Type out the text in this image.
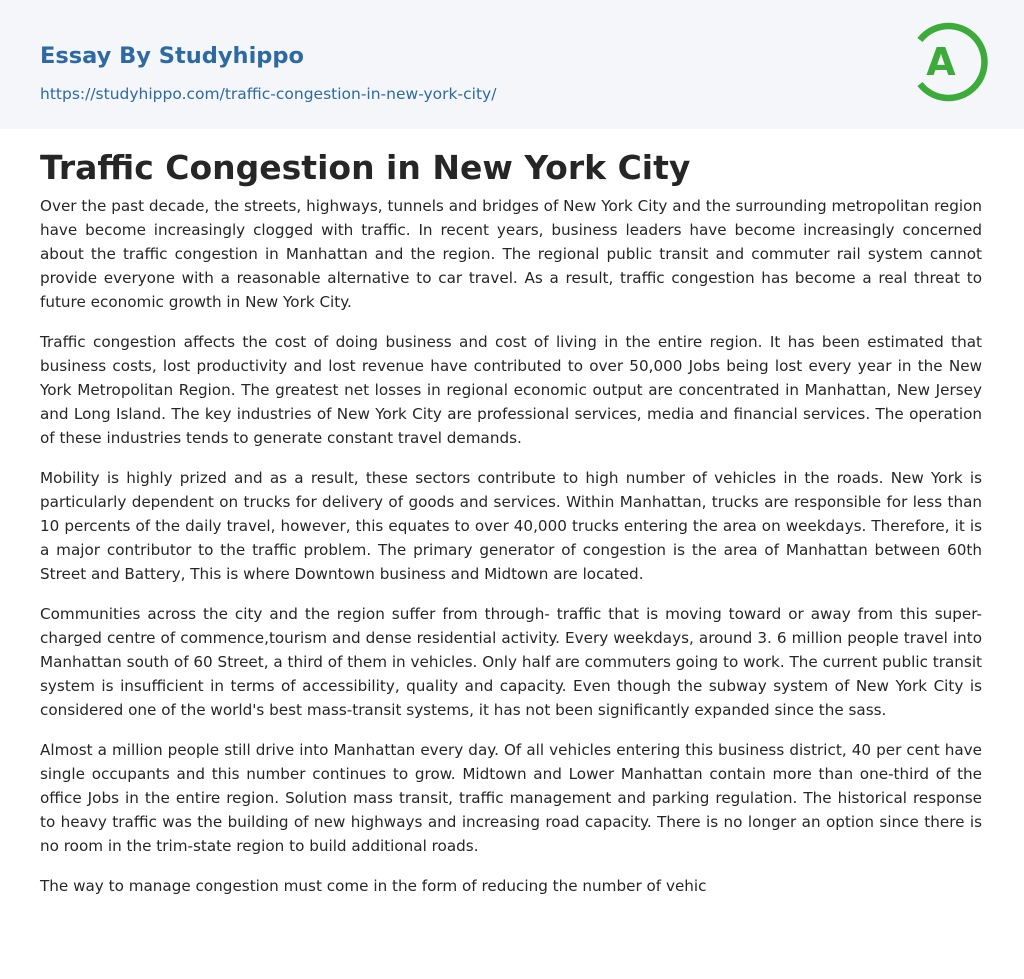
Essay By Studyhippo
https://studyhippo.com/traffic-congestion-in-new-york-city/
A
Traffic Congestion in New York City

Over the past decade, the streets, highways, tunnels and bridges of New York City and the surrounding metropolitan region have become increasingly clogged with traffic. In recent years, business leaders have become increasingly concerned about the traffic congestion in Manhattan and the region. The regional public transit and commuter rail system cannot provide everyone with a reasonable alternative to car travel. As a result, traffic congestion has become a real threat to future economic growth in New York City.

Traffic congestion affects the cost of doing business and cost of living in the entire region. It has been estimated that business costs, lost productivity and lost revenue have contributed to over 50,000 Jobs being lost every year in the New York Metropolitan Region. The greatest net losses in regional economic output are concentrated in Manhattan, New Jersey and Long Island. The key industries of New York City are professional services, media and financial services. The operation of these industries tends to generate constant travel demands.

Mobility is highly prized and as a result, these sectors contribute to high number of vehicles in the roads. New York is particularly dependent on trucks for delivery of goods and services. Within Manhattan, trucks are responsible for less than 10 percents of the daily travel, however, this equates to over 40,000 trucks entering the area on weekdays. Therefore, it is a major contributor to the traffic problem. The primary generator of congestion is the area of Manhattan between 60th Street and Battery, This is where Downtown business and Midtown are located.

Communities across the city and the region suffer from through- traffic that is moving toward or away from this super-charged centre of commence,tourism and dense residential activity. Every weekdays, around 3. 6 million people travel into Manhattan south of 60 Street, a third of them in vehicles. Only half are commuters going to work. The current public transit system is insufficient in terms of accessibility, quality and capacity. Even though the subway system of New York City is considered one of the world's best mass-transit systems, it has not been significantly expanded since the sass.

Almost a million people still drive into Manhattan every day. Of all vehicles entering this business district, 40 per cent have single occupants and this number continues to grow. Midtown and Lower Manhattan contain more than one-third of the office Jobs in the entire region. Solution mass transit, traffic management and parking regulation. The historical response to heavy traffic was the building of new highways and increasing road capacity. There is no longer an option since there is no room in the trim-state region to build additional roads.

The way to manage congestion must come in the form of reducing the number of vehic
